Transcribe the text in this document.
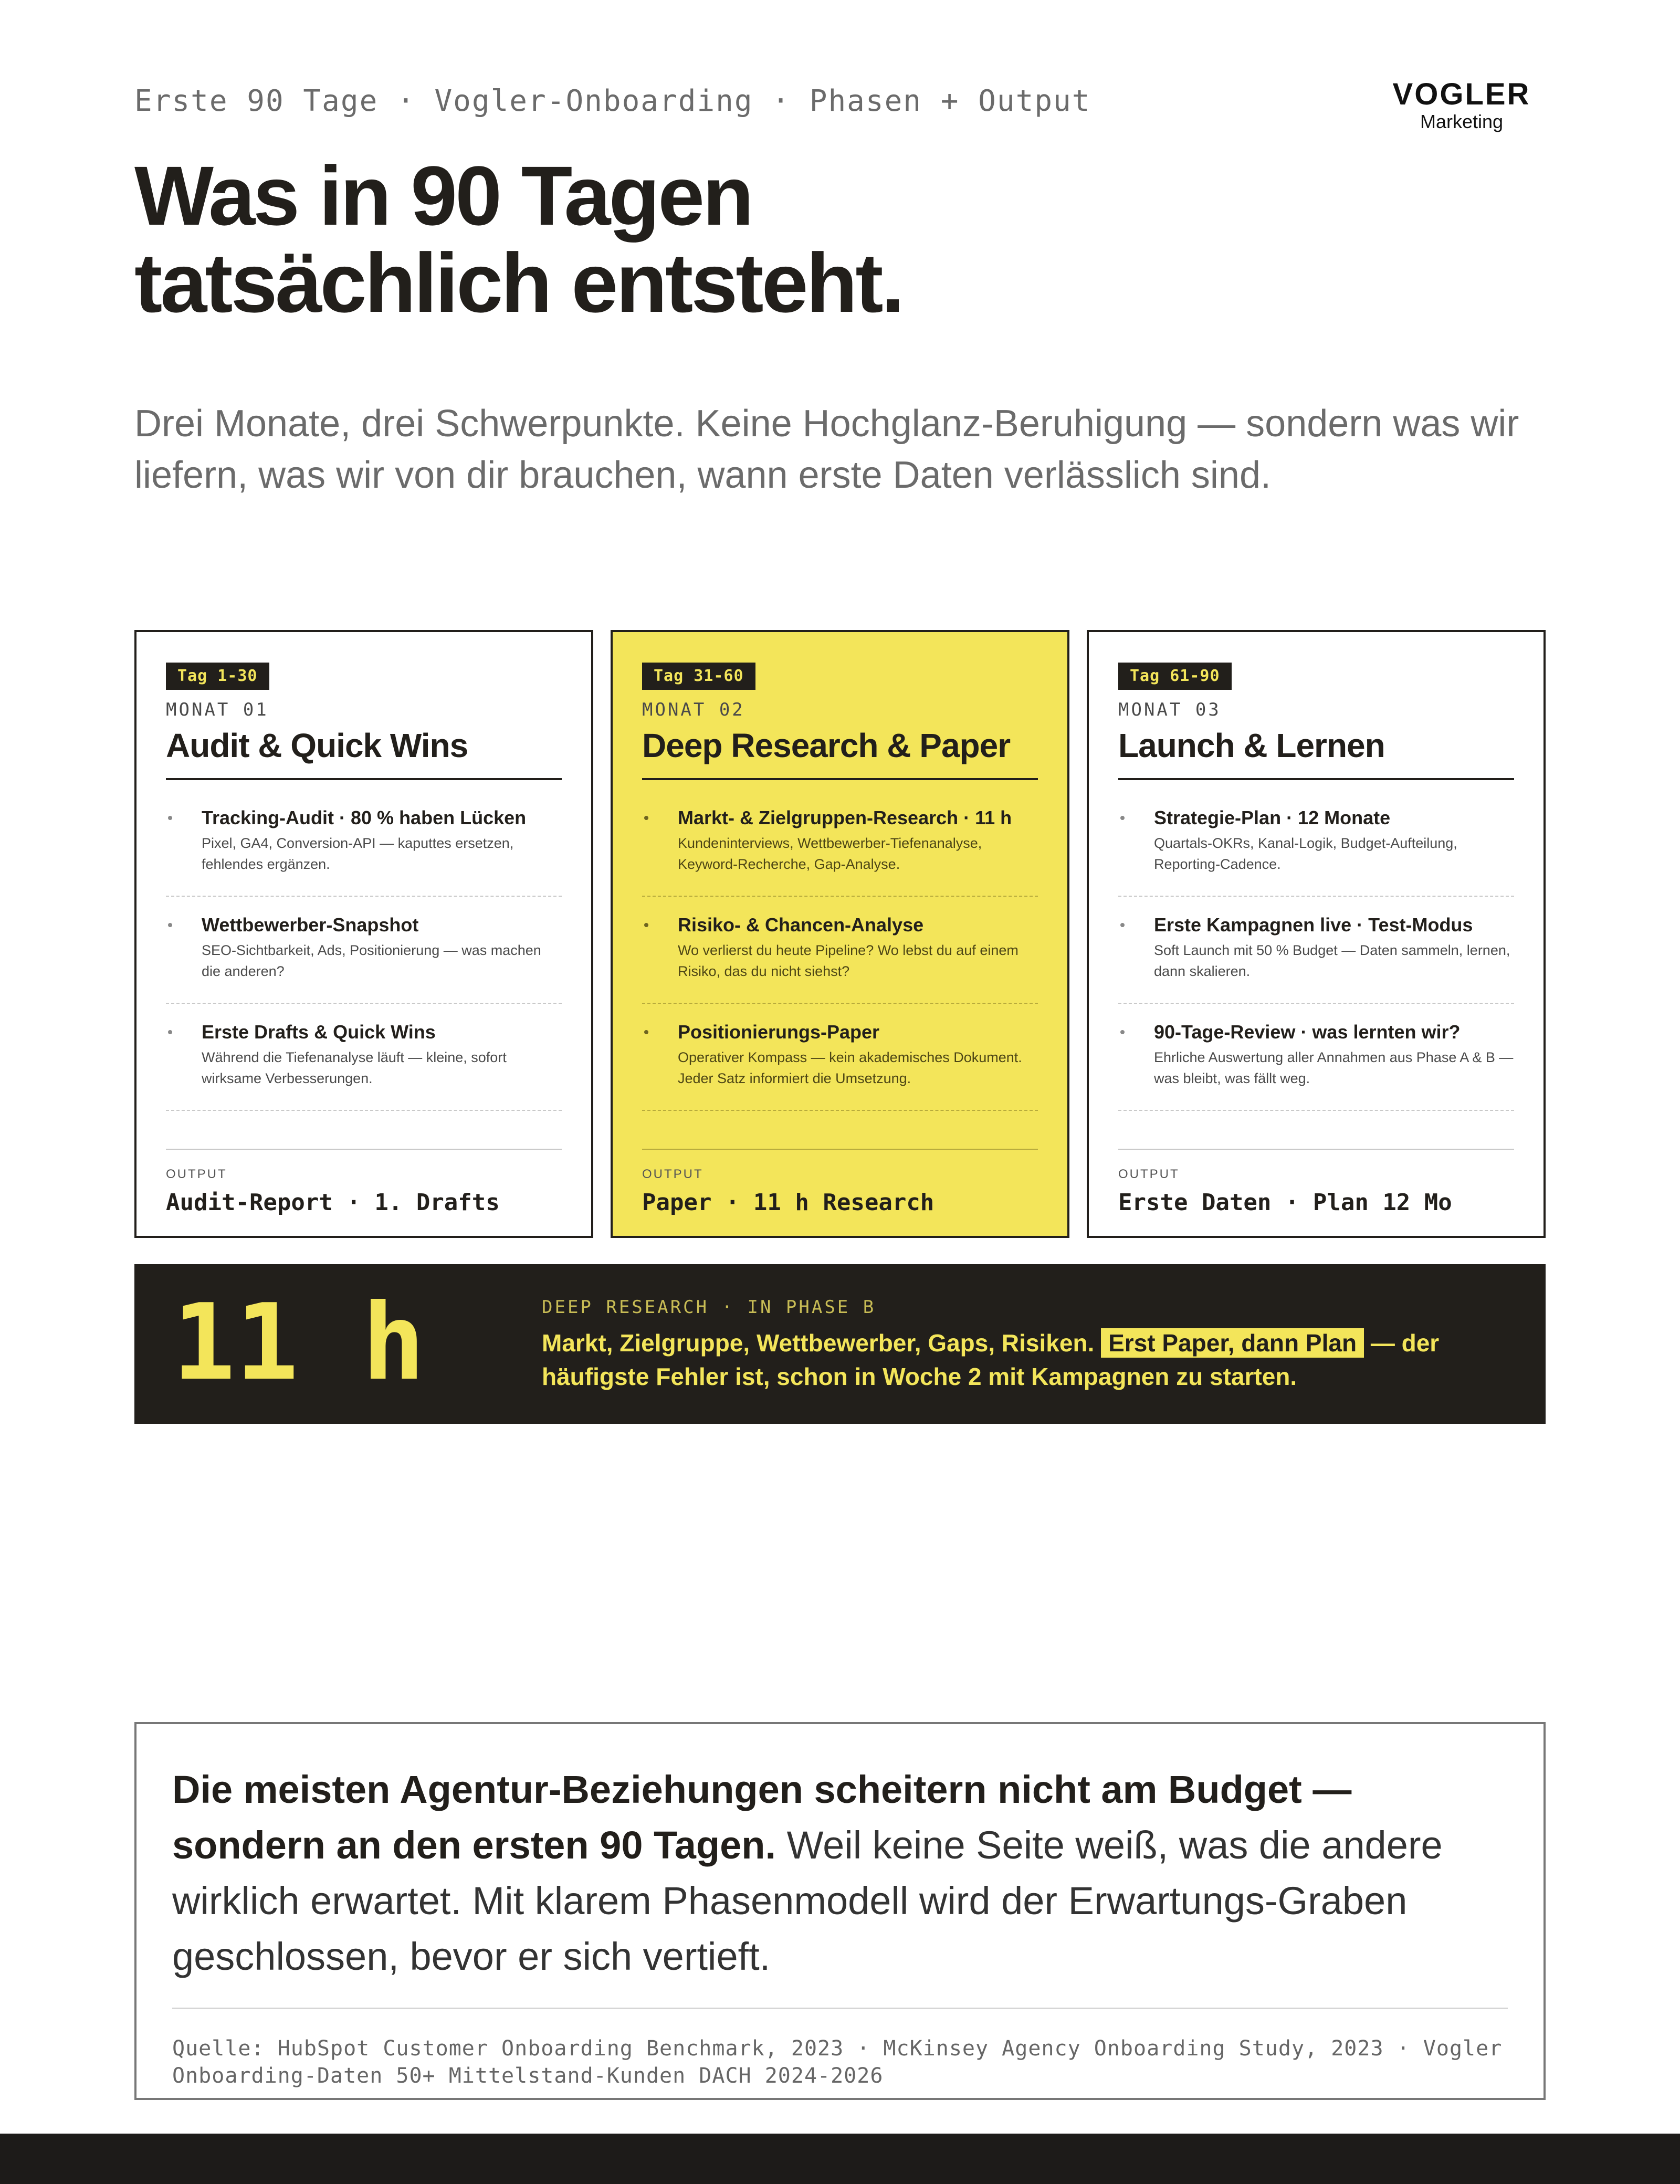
Erste 90 Tage · Vogler-Onboarding · Phasen + Output	VOGLER
Marketing
Was in 90 Tagen
tatsächlich entsteht.

Drei Monate, drei Schwerpunkte. Keine Hochglanz-Beruhigung — sondern was wir liefern, was wir von dir brauchen, wann erste Daten verlässlich sind.

Tag 1-30
MONAT 01
Audit & Quick Wins
Tracking-Audit · 80 % haben Lücken
Pixel, GA4, Conversion-API — kaputtes ersetzen, fehlendes ergänzen.
Wettbewerber-Snapshot
SEO-Sichtbarkeit, Ads, Positionierung — was machen die anderen?
Erste Drafts & Quick Wins
Während die Tiefenanalyse läuft — kleine, sofort wirksame Verbesserungen.
OUTPUT
Audit-Report · 1. Drafts
Tag 31-60
MONAT 02
Deep Research & Paper
Markt- & Zielgruppen-Research · 11 h
Kundeninterviews, Wettbewerber-Tiefenanalyse, Keyword-Recherche, Gap-Analyse.
Risiko- & Chancen-Analyse
Wo verlierst du heute Pipeline? Wo lebst du auf einem Risiko, das du nicht siehst?
Positionierungs-Paper
Operativer Kompass — kein akademisches Dokument. Jeder Satz informiert die Umsetzung.
OUTPUT
Paper · 11 h Research
Tag 61-90
MONAT 03
Launch & Lernen
Strategie-Plan · 12 Monate
Quartals-OKRs, Kanal-Logik, Budget-Aufteilung, Reporting-Cadence.
Erste Kampagnen live · Test-Modus
Soft Launch mit 50 % Budget — Daten sammeln, lernen, dann skalieren.
90-Tage-Review · was lernten wir?
Ehrliche Auswertung aller Annahmen aus Phase A & B — was bleibt, was fällt weg.
OUTPUT
Erste Daten · Plan 12 Mo
11 h	DEEP RESEARCH · IN PHASE B
Markt, Zielgruppe, Wettbewerber, Gaps, Risiken. Erst Paper, dann Plan — der häufigste Fehler ist, schon in Woche 2 mit Kampagnen zu starten.

Die meisten Agentur-Beziehungen scheitern nicht am Budget — sondern an den ersten 90 Tagen. Weil keine Seite weiß, was die andere wirklich erwartet. Mit klarem Phasenmodell wird der Erwartungs-Graben geschlossen, bevor er sich vertieft.

Quelle: HubSpot Customer Onboarding Benchmark, 2023 · McKinsey Agency Onboarding Study, 2023 · Vogler Onboarding-Daten 50+ Mittelstand-Kunden DACH 2024-2026
